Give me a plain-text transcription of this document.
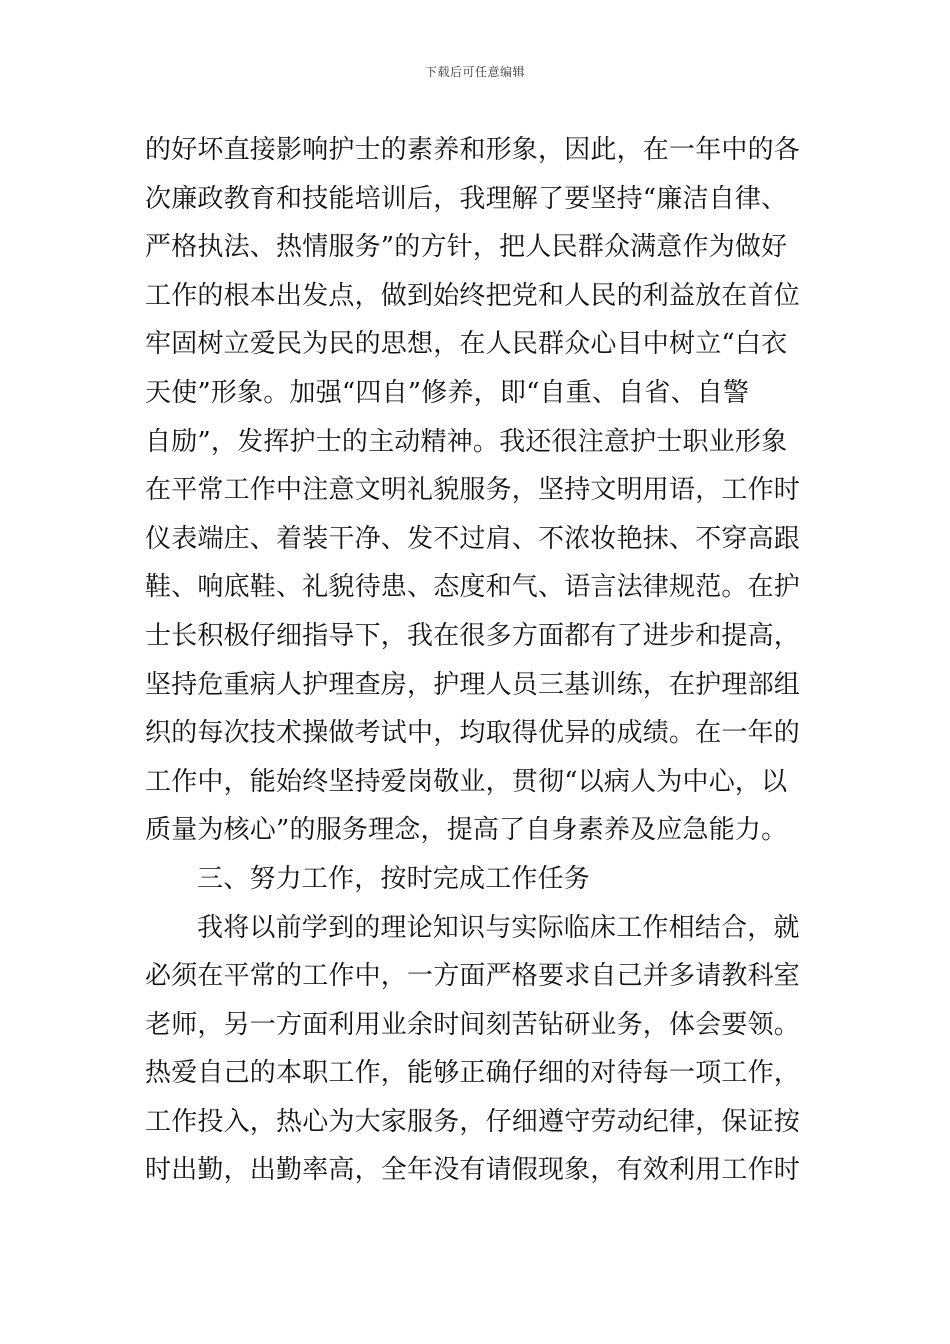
下载后可任意编辑
的好坏直接影响护士的素养和形象，因此，在一年中的各
次廉政教育和技能培训后，我理解了要坚持“廉洁自律、
严格执法、热情服务”的方针，把人民群众满意作为做好
工作的根本出发点，做到始终把党和人民的利益放在首位
牢固树立爱民为民的思想，在人民群众心目中树立“白衣
天使”形象。加强“四自”修养，即“自重、自省、自警
自励”，发挥护士的主动精神。我还很注意护士职业形象
在平常工作中注意文明礼貌服务，坚持文明用语，工作时
仪表端庄、着装干净、发不过肩、不浓妆艳抹、不穿高跟
鞋、响底鞋、礼貌待患、态度和气、语言法律规范。在护
士长积极仔细指导下，我在很多方面都有了进步和提高，
坚持危重病人护理查房，护理人员三基训练，在护理部组
织的每次技术操做考试中，均取得优异的成绩。在一年的
工作中，能始终坚持爱岗敬业，贯彻“以病人为中心，以
质量为核心”的服务理念，提高了自身素养及应急能力。
三、努力工作，按时完成工作任务
我将以前学到的理论知识与实际临床工作相结合，就
必须在平常的工作中，一方面严格要求自己并多请教科室
老师，另一方面利用业余时间刻苦钻研业务，体会要领。
热爱自己的本职工作，能够正确仔细的对待每一项工作，
工作投入，热心为大家服务，仔细遵守劳动纪律，保证按
时出勤，出勤率高，全年没有请假现象，有效利用工作时
